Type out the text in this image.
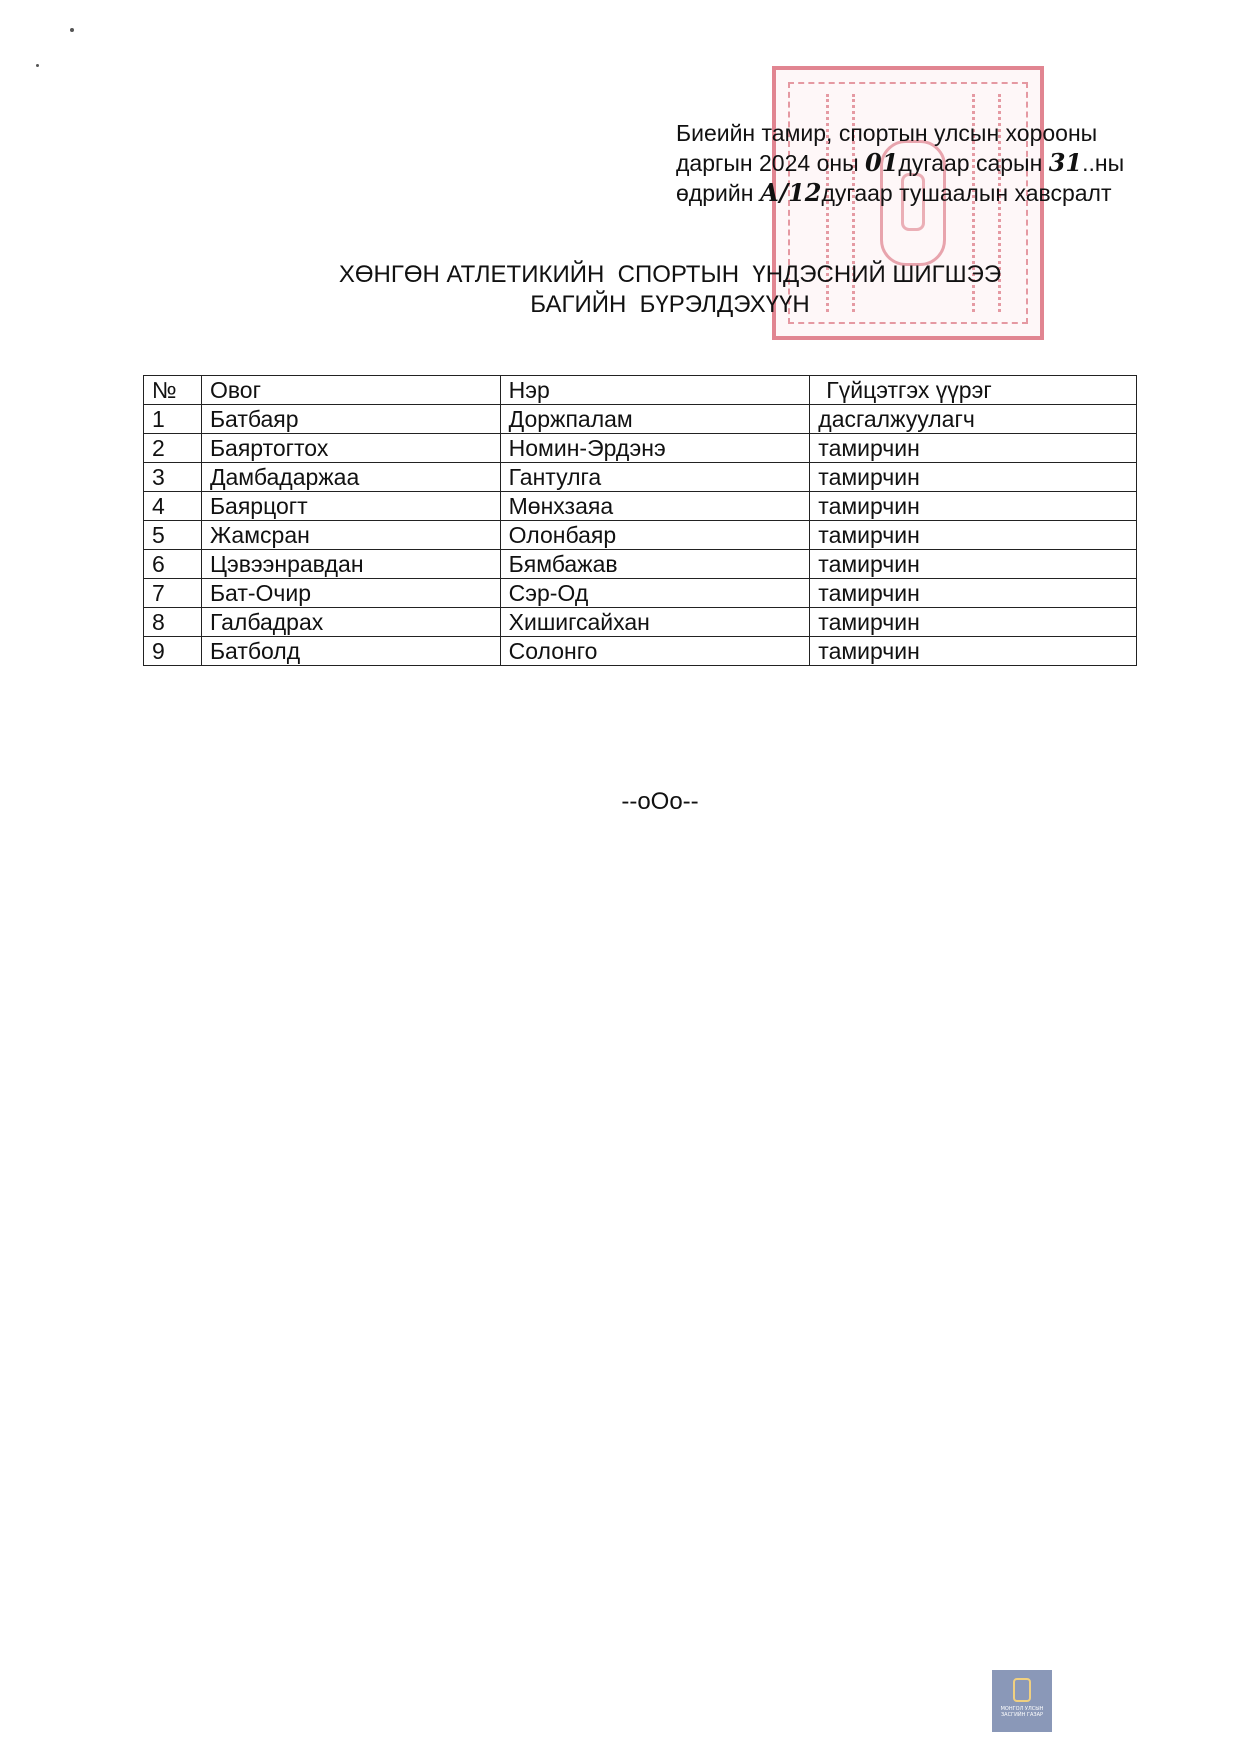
Биеийн тамир, спортын улсын хорооны
даргын 2024 оны 01дугаар сарын 31..ны
өдрийн А/12дугаар тушаалын хавсралт
ХӨНГӨН АТЛЕТИКИЙН  СПОРТЫН  ҮНДЭСНИЙ ШИГШЭЭ
БАГИЙН  БҮРЭЛДЭХҮҮН
№	Овог	Нэр	Гүйцэтгэх үүрэг
1	Батбаяр	Доржпалам	дасгалжуулагч
2	Баяртогтох	Номин-Эрдэнэ	тамирчин
3	Дамбадаржаа	Гантулга	тамирчин
4	Баярцогт	Мөнхзаяа	тамирчин
5	Жамсран	Олонбаяр	тамирчин
6	Цэвээнравдан	Бямбажав	тамирчин
7	Бат-Очир	Сэр-Од	тамирчин
8	Галбадрах	Хишигсайхан	тамирчин
9	Батболд	Солонго	тамирчин
--оОо--
МОНГОЛ УЛСЫН ЗАСГИЙН ГАЗАР
